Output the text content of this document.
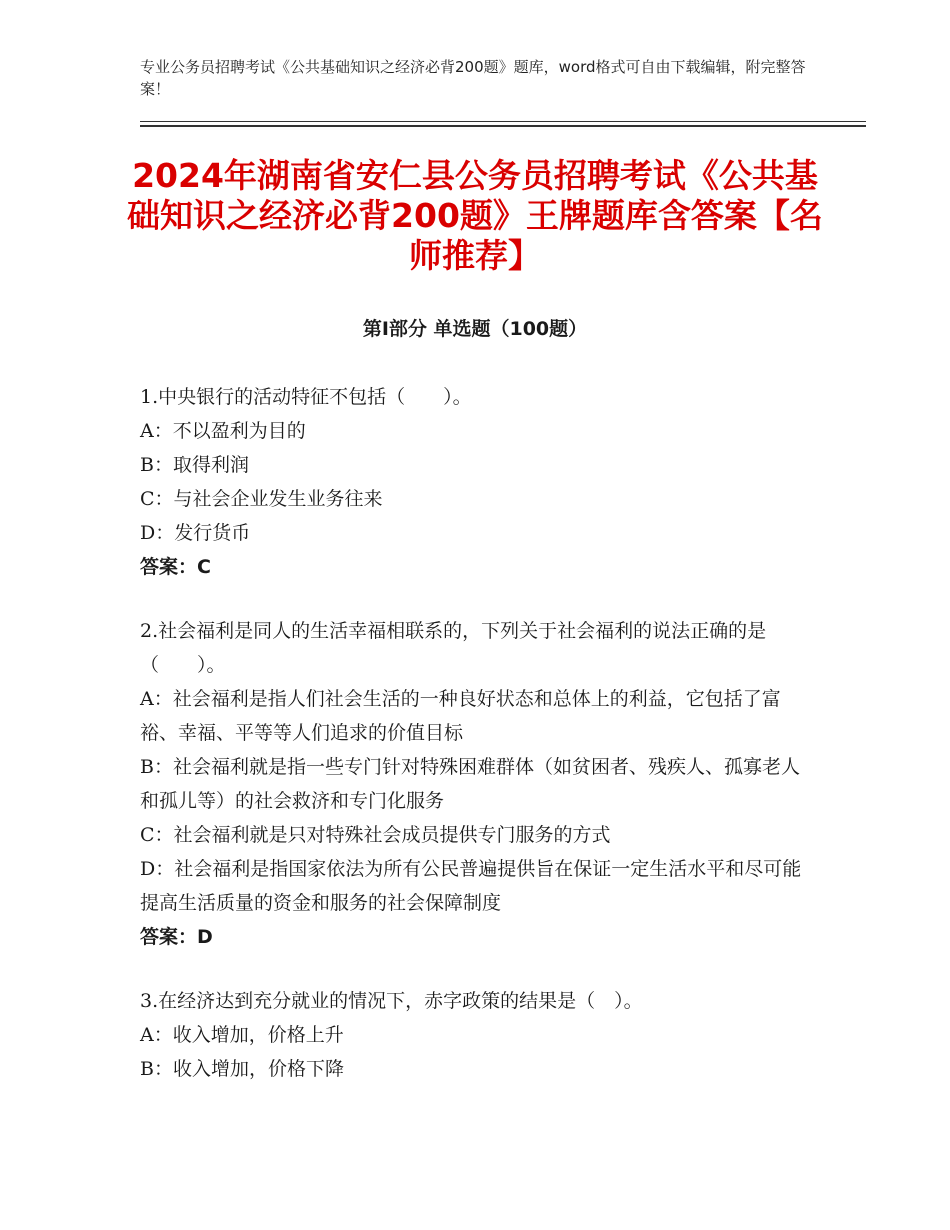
专业公务员招聘考试《公共基础知识之经济必背200题》题库，word格式可自由下载编辑，附完整答案！
2024年湖南省安仁县公务员招聘考试《公共基础知识之经济必背200题》王牌题库含答案【名师推荐】
第Ⅰ部分 单选题（100题）
1.中央银行的活动特征不包括（　　）。
A：不以盈利为目的
B：取得利润
C：与社会企业发生业务往来
D：发行货币
答案：C
2.社会福利是同人的生活幸福相联系的，下列关于社会福利的说法正确的是（　　）。
A：社会福利是指人们社会生活的一种良好状态和总体上的利益，它包括了富裕、幸福、平等等人们追求的价值目标
B：社会福利就是指一些专门针对特殊困难群体（如贫困者、残疾人、孤寡老人和孤儿等）的社会救济和专门化服务
C：社会福利就是只对特殊社会成员提供专门服务的方式
D：社会福利是指国家依法为所有公民普遍提供旨在保证一定生活水平和尽可能提高生活质量的资金和服务的社会保障制度
答案：D
3.在经济达到充分就业的情况下，赤字政策的结果是（　）。
A：收入增加，价格上升
B：收入增加，价格下降
